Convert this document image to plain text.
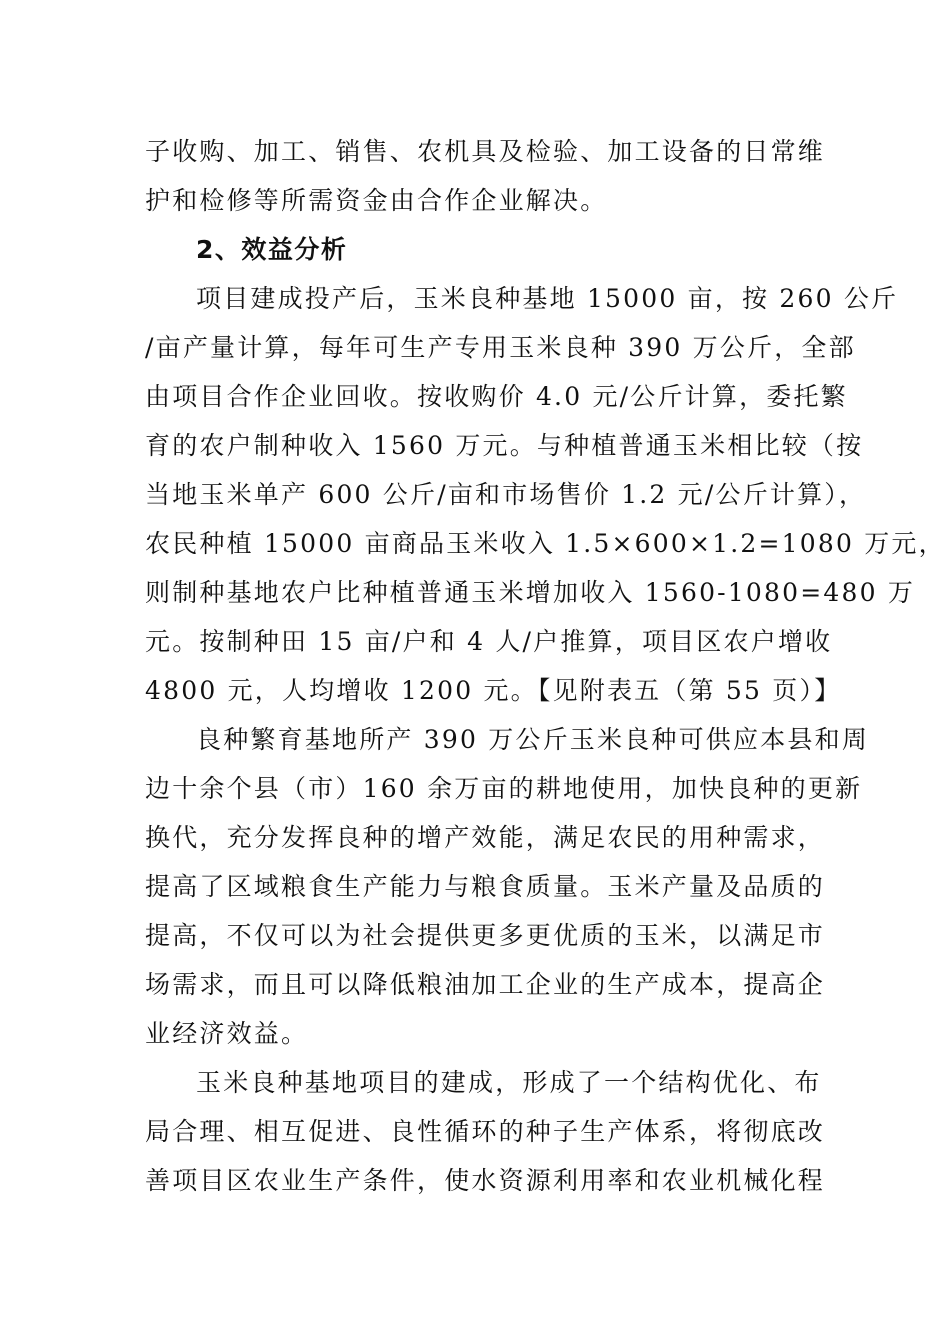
子收购、加工、销售、农机具及检验、加工设备的日常维
护和检修等所需资金由合作企业解决。
2、效益分析
项目建成投产后，玉米良种基地 15000 亩，按 260 公斤
/亩产量计算，每年可生产专用玉米良种 390 万公斤，全部
由项目合作企业回收。按收购价 4.0 元/公斤计算，委托繁
育的农户制种收入 1560 万元。与种植普通玉米相比较（按
当地玉米单产 600 公斤/亩和市场售价 1.2 元/公斤计算），
农民种植 15000 亩商品玉米收入 1.5×600×1.2=1080 万元，
则制种基地农户比种植普通玉米增加收入 1560-1080=480 万
元。按制种田 15 亩/户和 4 人/户推算，项目区农户增收
4800 元，人均增收 1200 元。【见附表五（第 55 页）】
良种繁育基地所产 390 万公斤玉米良种可供应本县和周
边十余个县（市）160 余万亩的耕地使用，加快良种的更新
换代，充分发挥良种的增产效能，满足农民的用种需求，
提高了区域粮食生产能力与粮食质量。玉米产量及品质的
提高，不仅可以为社会提供更多更优质的玉米，以满足市
场需求，而且可以降低粮油加工企业的生产成本，提高企
业经济效益。
玉米良种基地项目的建成，形成了一个结构优化、布
局合理、相互促进、良性循环的种子生产体系，将彻底改
善项目区农业生产条件，使水资源利用率和农业机械化程
